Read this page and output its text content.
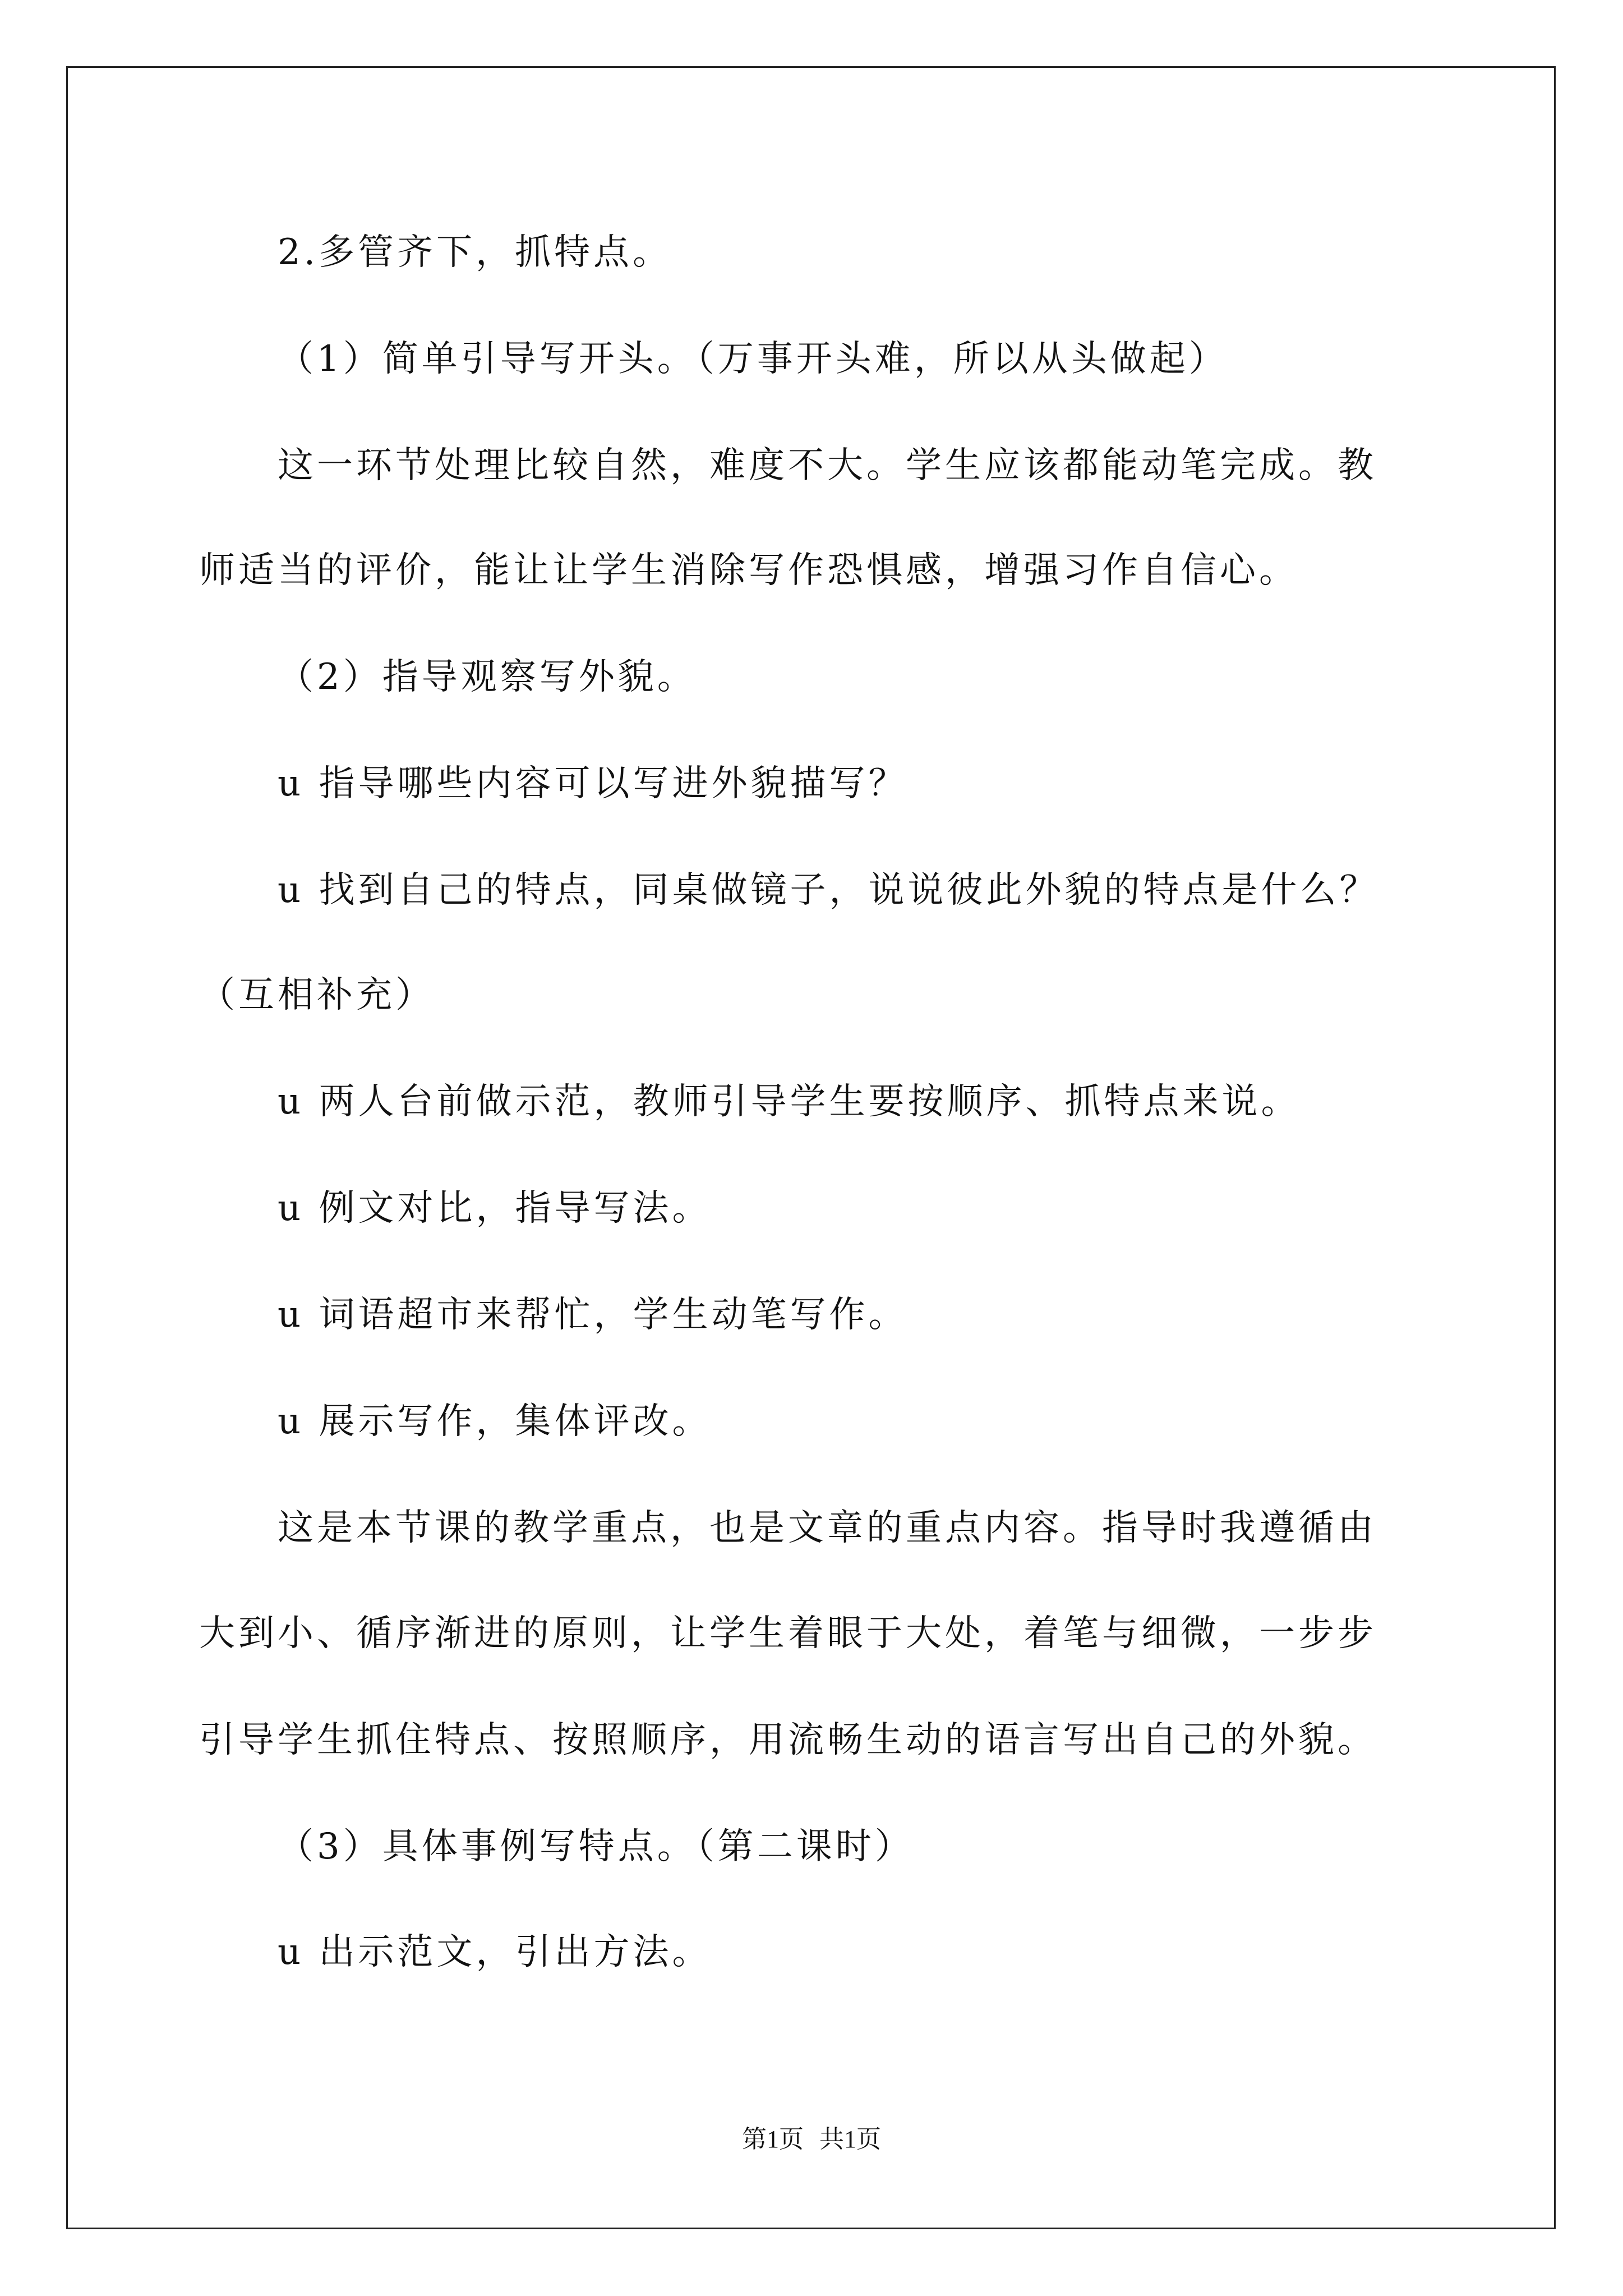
2.多管齐下，抓特点。
（1）简单引导写开头。（万事开头难，所以从头做起）
这一环节处理比较自然，难度不大。学生应该都能动笔完成。教
师适当的评价，能让让学生消除写作恐惧感，增强习作自信心。
（2）指导观察写外貌。
u 指导哪些内容可以写进外貌描写？
u 找到自己的特点，同桌做镜子，说说彼此外貌的特点是什么？
（互相补充）
u 两人台前做示范，教师引导学生要按顺序、抓特点来说。
u 例文对比，指导写法。
u 词语超市来帮忙，学生动笔写作。
u 展示写作，集体评改。
这是本节课的教学重点，也是文章的重点内容。指导时我遵循由
大到小、循序渐进的原则，让学生着眼于大处，着笔与细微，一步步
引导学生抓住特点、按照顺序，用流畅生动的语言写出自己的外貌。
（3）具体事例写特点。（第二课时）
u 出示范文，引出方法。
第1页 共1页
